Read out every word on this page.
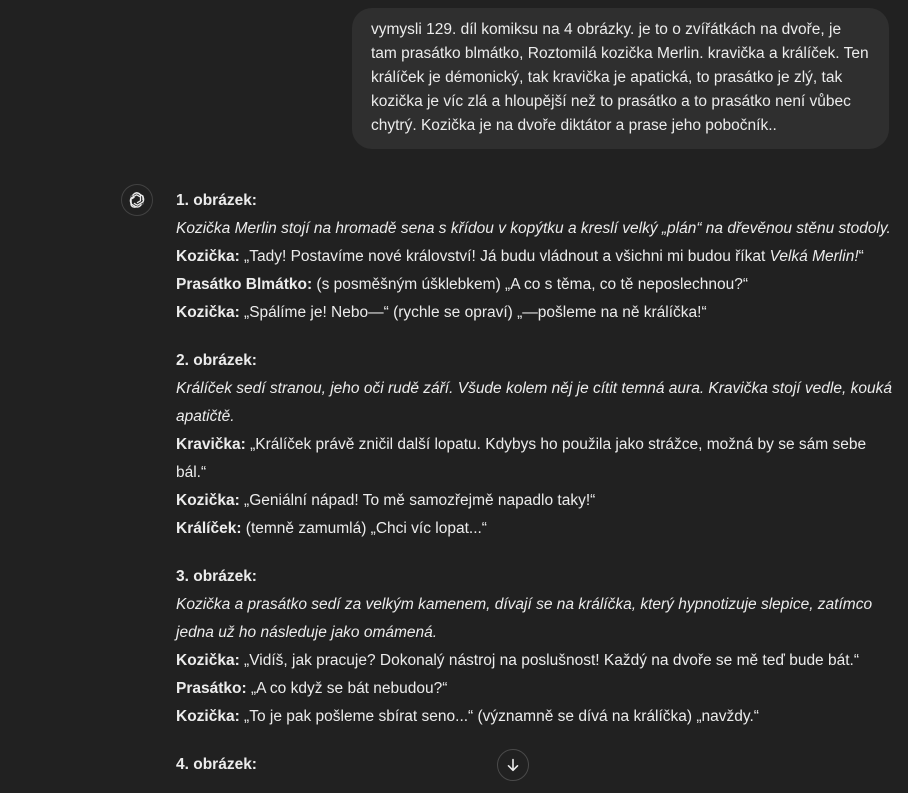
vymysli 129. díl komiksu na 4 obrázky. je to o zvířátkách na dvoře, je tam prasátko blmátko, Roztomilá kozička Merlin. kravička a králíček. Ten králíček je démonický, tak kravička je apatická, to prasátko je zlý, tak kozička je víc zlá a hloupější než to prasátko a to prasátko není vůbec chytrý. Kozička je na dvoře diktátor a prase jeho pobočník..
1. obrázek:
Kozička Merlin stojí na hromadě sena s křídou v kopýtku a kreslí velký „plán“ na dřevěnou stěnu stodoly.
Kozička: „Tady! Postavíme nové království! Já budu vládnout a všichni mi budou říkat Velká Merlin!“
Prasátko Blmátko: (s posměšným úšklebkem) „A co s těma, co tě neposlechnou?“
Kozička: „Spálíme je! Nebo—“ (rychle se opraví) „—pošleme na ně králíčka!“
2. obrázek:
Králíček sedí stranou, jeho oči rudě září. Všude kolem něj je cítit temná aura. Kravička stojí vedle, kouká apatičtě.
Kravička: „Králíček právě zničil další lopatu. Kdybys ho použila jako strážce, možná by se sám sebe bál.“
Kozička: „Geniální nápad! To mě samozřejmě napadlo taky!“
Králíček: (temně zamumlá) „Chci víc lopat...“
3. obrázek:
Kozička a prasátko sedí za velkým kamenem, dívají se na králíčka, který hypnotizuje slepice, zatímco jedna už ho následuje jako omámená.
Kozička: „Vidíš, jak pracuje? Dokonalý nástroj na poslušnost! Každý na dvoře se mě teď bude bát.“
Prasátko: „A co když se bát nebudou?“
Kozička: „To je pak pošleme sbírat seno...“ (významně se dívá na králíčka) „navždy.“
4. obrázek:
